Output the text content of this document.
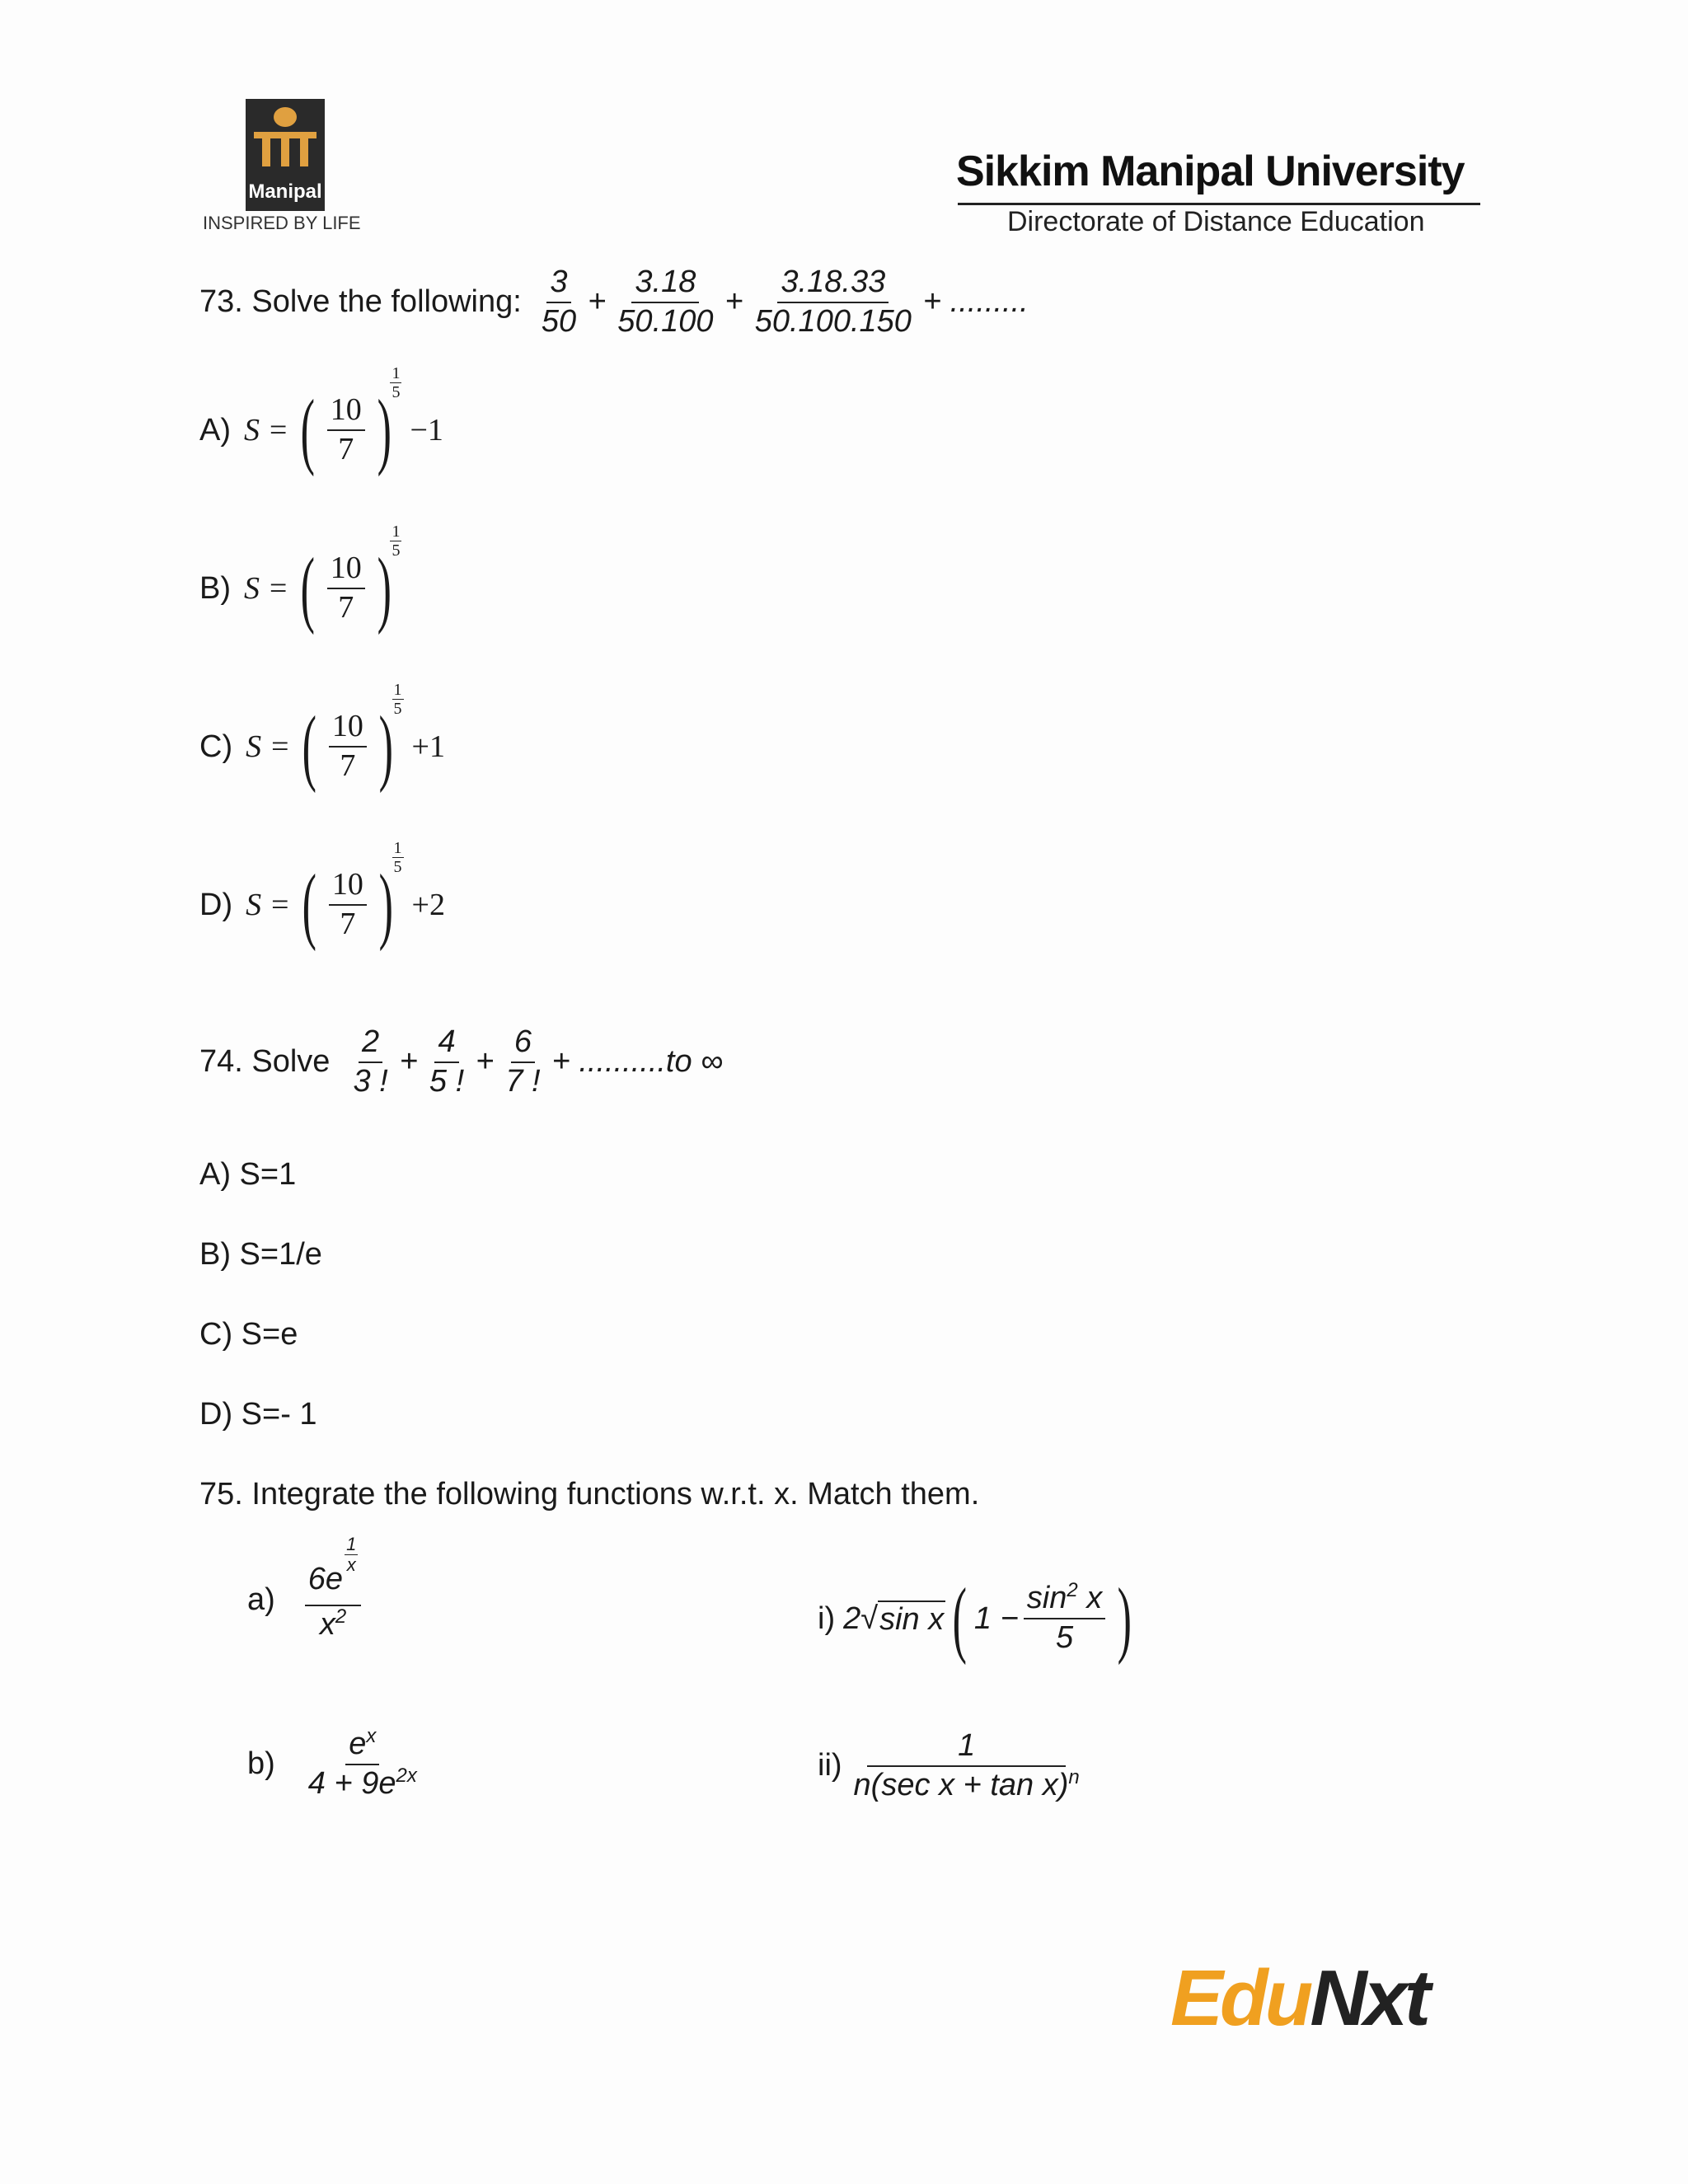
Manipal
INSPIRED BY LIFE
Sikkim Manipal University
Directorate of Distance Education
73. Solve the following: $\frac{3}{50} + \frac{3.18}{50.100} + \frac{3.18.33}{50.100.150}$ + .........
A) S = ( $\frac{10}{7}$ )
$\frac{1}{5}$
−1
B) S = ( $\frac{10}{7}$ )
$\frac{1}{5}$
C) S = ( $\frac{10}{7}$ )
$\frac{1}{5}$
+1
D) S = ( $\frac{10}{7}$ )
$\frac{1}{5}$
+2
74. Solve $\frac{2}{3 !} + \frac{4}{5 !} + \frac{6}{7 !} + ..........to$ ∞
A) S=1
B) S=1/e
C) S=e
D) S=- 1
75. Integrate the following functions w.r.t. x. Match them.
a) 6e
$\frac{1}{x}$
$x^2$	i) 2 √ sin x ( $1 - \frac{\sin^2 x}{5}$ )
$b) \frac{e^x}{4 + 9e^{2x}}$	$ii) \frac{1}{n(\sec x + \tan x)^n}$
EduNxt
